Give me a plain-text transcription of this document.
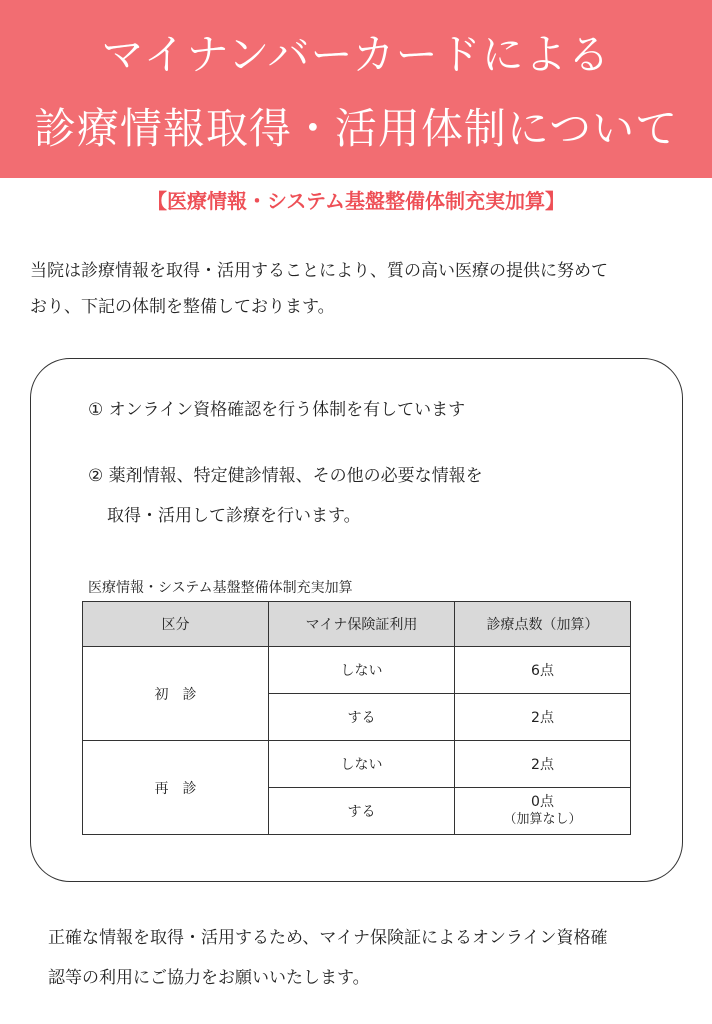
マイナンバーカードによる
診療情報取得・活用体制について
【医療情報・システム基盤整備体制充実加算】
当院は診療情報を取得・活用することにより、質の高い医療の提供に努めて
おり、下記の体制を整備しております。
① オンライン資格確認を行う体制を有しています
② 薬剤情報、特定健診情報、その他の必要な情報を
取得・活用して診療を行います。
医療情報・システム基盤整備体制充実加算
区分	マイナ保険証利用	診療点数（加算）
初　診	しない	6点
	する	2点
再　診	しない	2点
	する	0点
（加算なし）
正確な情報を取得・活用するため、マイナ保険証によるオンライン資格確
認等の利用にご協力をお願いいたします。
